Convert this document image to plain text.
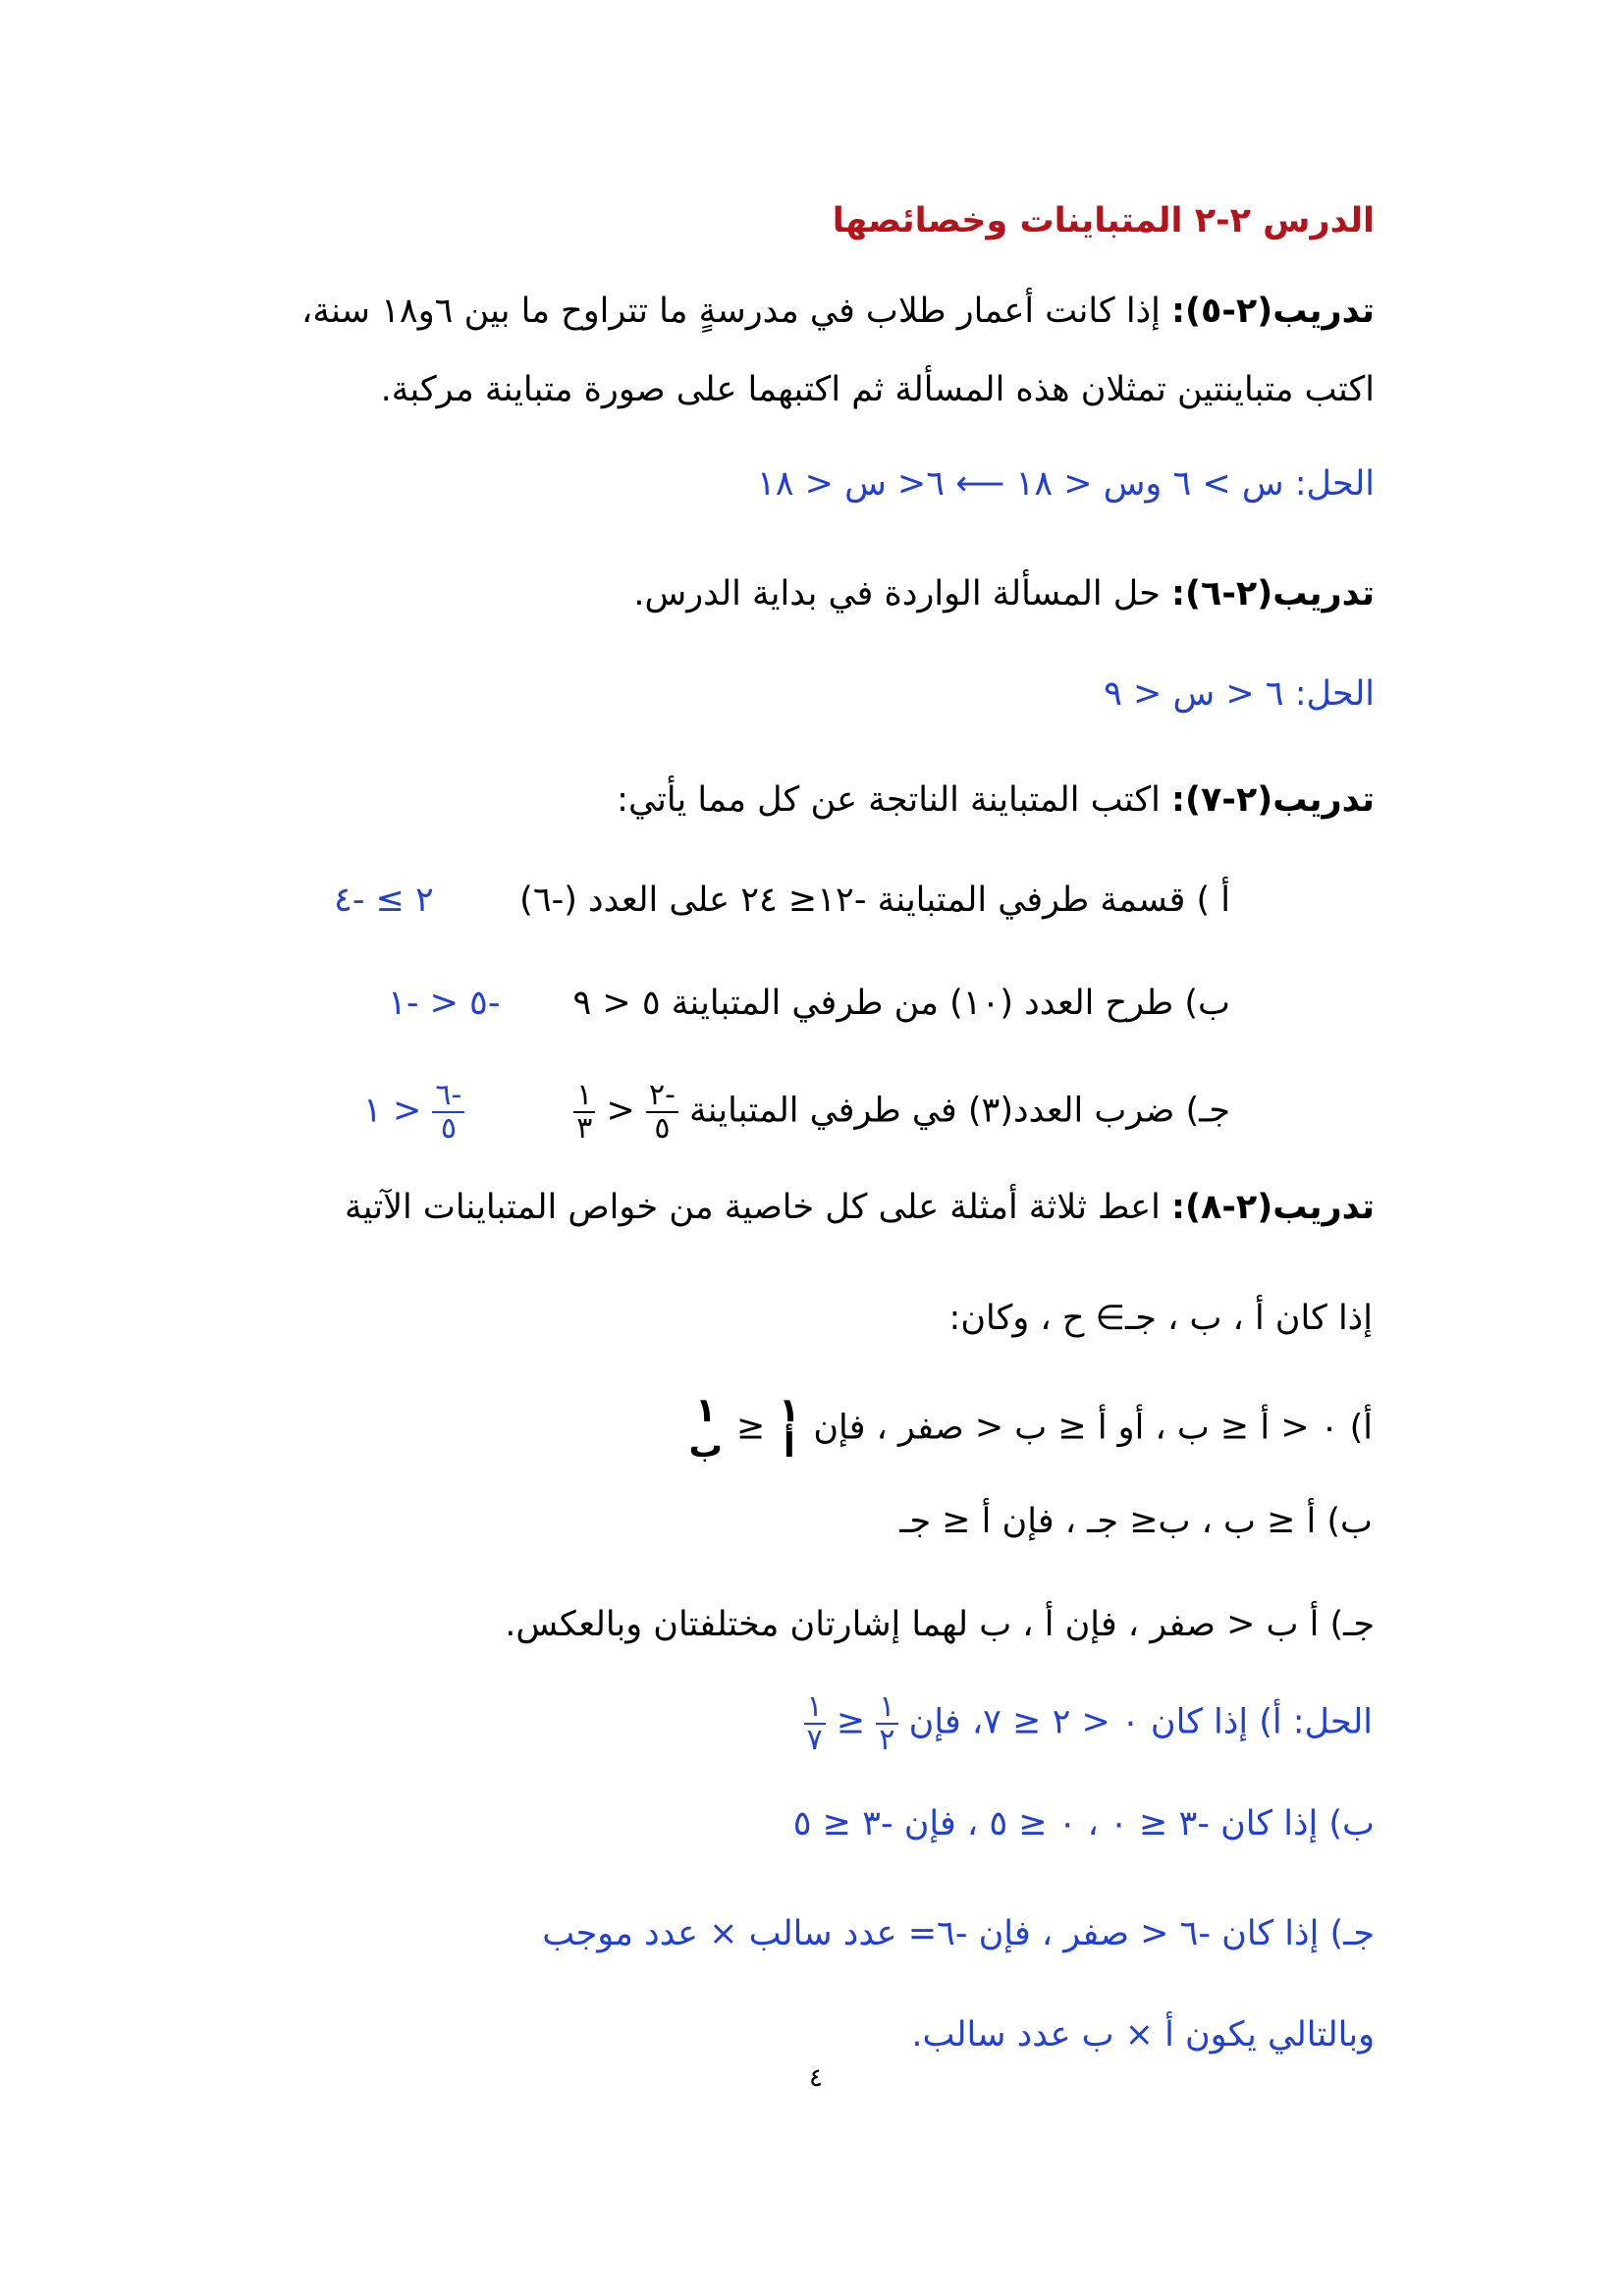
الدرس ٢-٢ المتباينات وخصائصها
تدريب(٢-٥): إذا كانت أعمار طلاب في مدرسةٍ ما تتراوح ما بين ٦و١٨ سنة،
اكتب متباينتين تمثلان هذه المسألة ثم اكتبهما على صورة متباينة مركبة.
الحل: س > ٦ وس < ١٨ ⟵ ٦< س < ١٨
تدريب(٢-٦): حل المسألة الواردة في بداية الدرس.
الحل: ٦ < س < ٩
تدريب(٢-٧): اكتب المتباينة الناتجة عن كل مما يأتي:
أ ) قسمة طرفي المتباينة -١٢≤ ٢٤ على العدد (-٦)
٢ ≥ -٤
ب) طرح العدد (١٠) من طرفي المتباينة ٥ < ٩
-٥ < -١
جـ) ضرب العدد(٣) في طرفي المتباينة
$\frac{-٢}{٥}$
<
$\frac{١}{٣}$
$\frac{-٦}{٥}$
< ١
تدريب(٢-٨): اعط ثلاثة أمثلة على كل خاصية من خواص المتباينات الآتية
إذا كان أ ، ب ، جـ∋ ح ، وكان:
أ) ٠ < أ ≤ ب ، أو أ ≤ ب < صفر ، فإن
١
أ
≤
١
ب
ب) أ ≤ ب ، ب≤ جـ ، فإن أ ≤ جـ
جـ) أ ب < صفر ، فإن أ ، ب لهما إشارتان مختلفتان وبالعكس.
الحل: أ) إذا كان ٠ < ٢ ≤ ٧، فإن
$\frac{١}{٢}$
≤
$\frac{١}{٧}$
ب) إذا كان -٣ ≤ ٠ ، ٠ ≤ ٥ ، فإن -٣ ≤ ٥
جـ) إذا كان -٦ < صفر ، فإن -٦= عدد سالب × عدد موجب
وبالتالي يكون أ × ب عدد سالب.
٤
